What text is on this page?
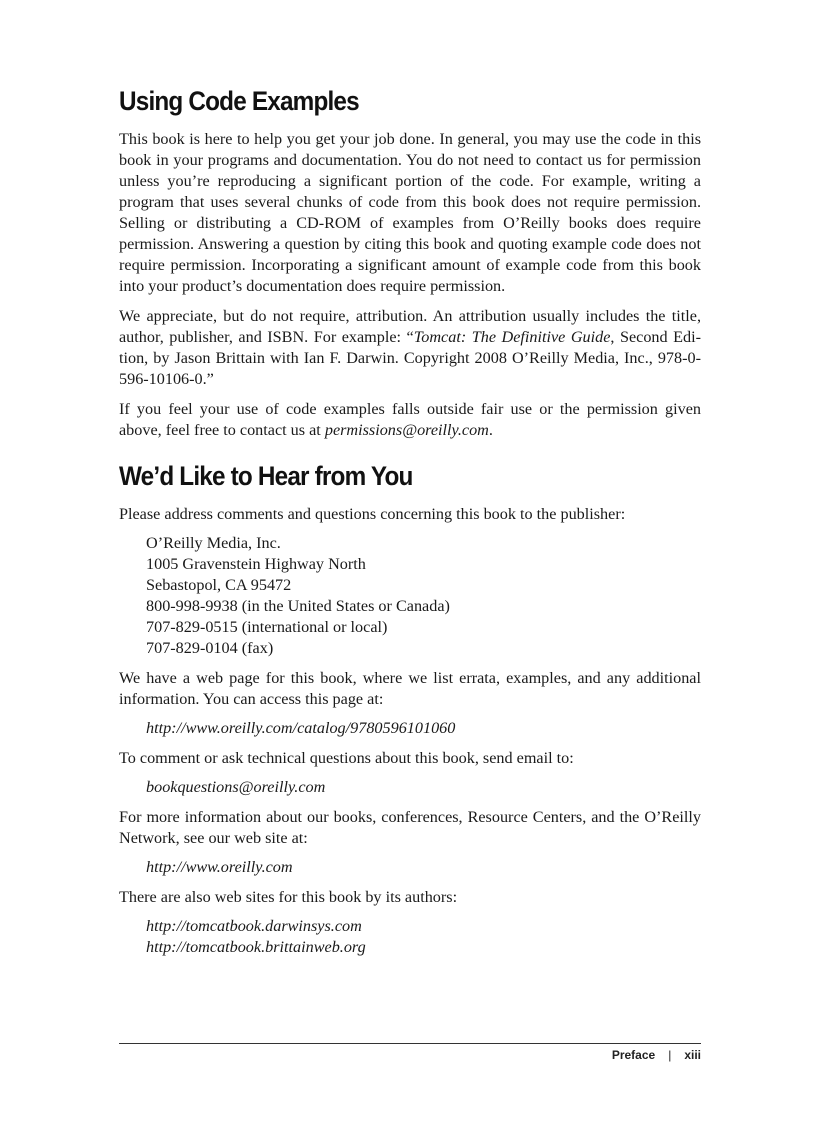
Using Code Examples

This book is here to help you get your job done. In general, you may use the code in this book in your programs and documentation. You do not need to contact us for permission unless you’re reproducing a significant portion of the code. For example, writing a program that uses several chunks of code from this book does not require permission. Selling or distributing a CD-ROM of examples from O’Reilly books does require permission. Answering a question by citing this book and quoting example code does not require permission. Incorporating a significant amount of example code from this book into your product’s documentation does require permission.

We appreciate, but do not require, attribution. An attribution usually includes the title, author, publisher, and ISBN. For example: “Tomcat: The Definitive Guide, Second Edition, by Jason Brittain with Ian F. Darwin. Copyright 2008 O’Reilly Media, Inc., 978-0-596-10106-0.”

If you feel your use of code examples falls outside fair use or the permission given above, feel free to contact us at permissions@oreilly.com.

We’d Like to Hear from You

Please address comments and questions concerning this book to the publisher:

O’Reilly Media, Inc.
1005 Gravenstein Highway North
Sebastopol, CA 95472
800-998-9938 (in the United States or Canada)
707-829-0515 (international or local)
707-829-0104 (fax)

We have a web page for this book, where we list errata, examples, and any additional information. You can access this page at:

http://www.oreilly.com/catalog/9780596101060

To comment or ask technical questions about this book, send email to:

bookquestions@oreilly.com

For more information about our books, conferences, Resource Centers, and the O’Reilly Network, see our web site at:

http://www.oreilly.com

There are also web sites for this book by its authors:

http://tomcatbook.darwinsys.com
http://tomcatbook.brittainweb.org
Preface | xiii
